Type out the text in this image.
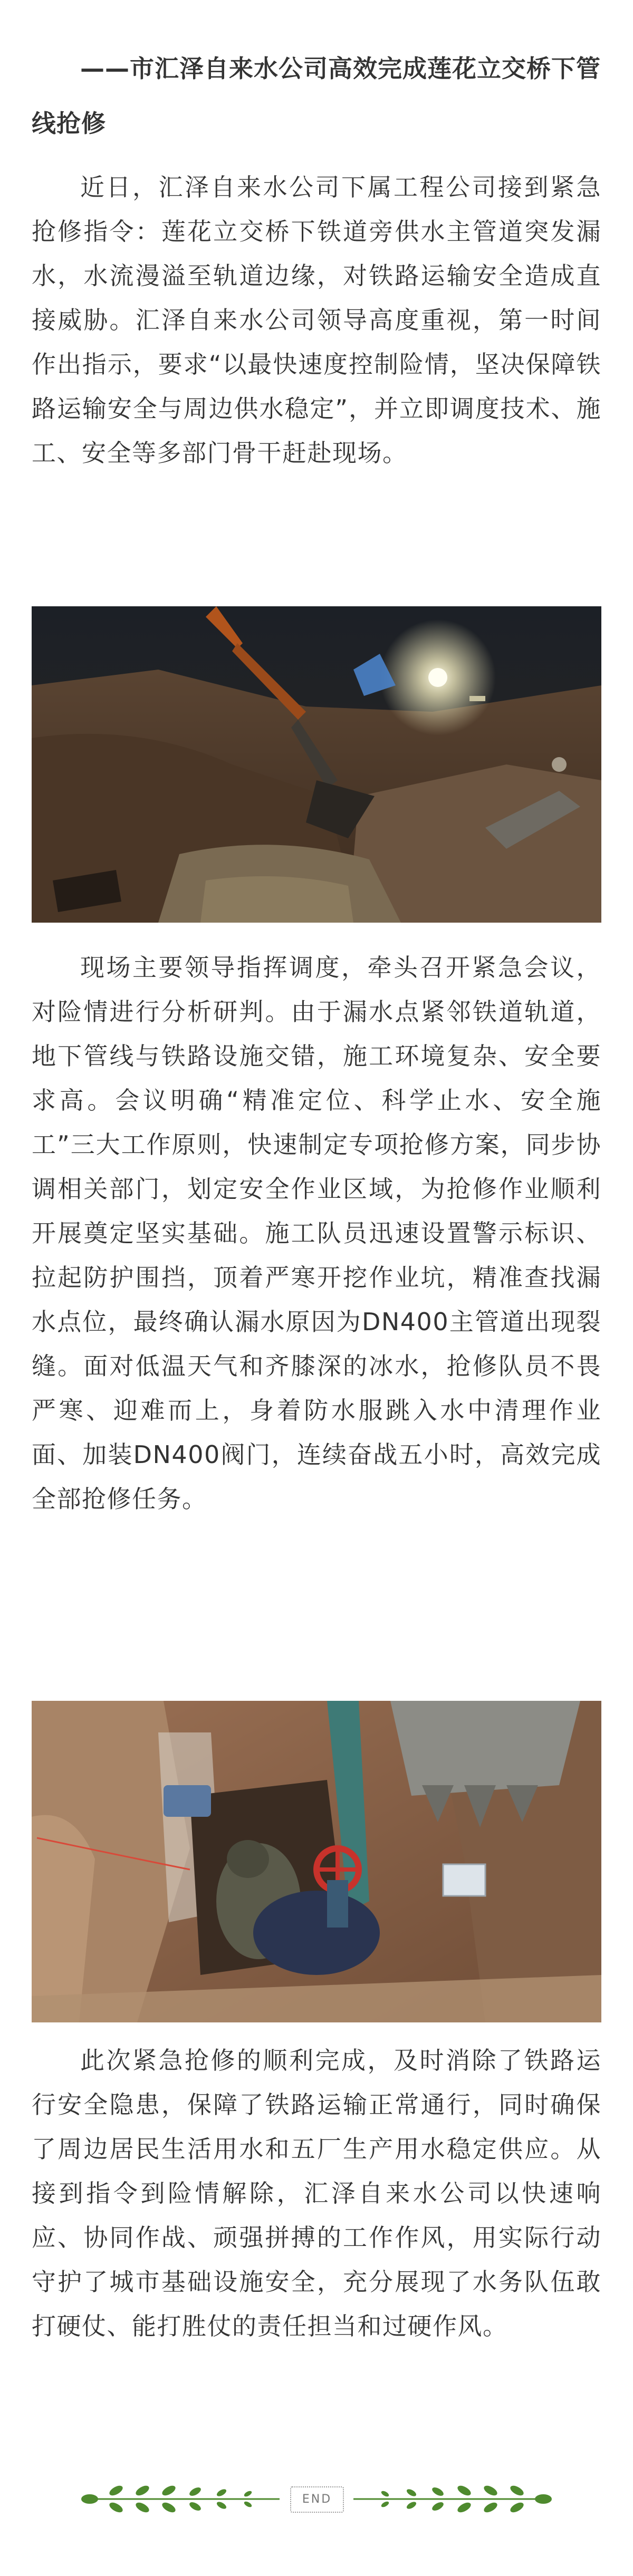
——市汇泽自来水公司高效完成莲花立交桥下管线抢修

近日，汇泽自来水公司下属工程公司接到紧急抢修指令：莲花立交桥下铁道旁供水主管道突发漏水，水流漫溢至轨道边缘，对铁路运输安全造成直接威胁。汇泽自来水公司领导高度重视，第一时间作出指示，要求“以最快速度控制险情，坚决保障铁路运输安全与周边供水稳定”，并立即调度技术、施工、安全等多部门骨干赶赴现场。

现场主要领导指挥调度，牵头召开紧急会议，对险情进行分析研判。由于漏水点紧邻铁道轨道，地下管线与铁路设施交错，施工环境复杂、安全要求高。会议明确“精准定位、科学止水、安全施工”三大工作原则，快速制定专项抢修方案，同步协调相关部门，划定安全作业区域，为抢修作业顺利开展奠定坚实基础。施工队员迅速设置警示标识、拉起防护围挡，顶着严寒开挖作业坑，精准查找漏水点位，最终确认漏水原因为DN400主管道出现裂缝。面对低温天气和齐膝深的冰水，抢修队员不畏严寒、迎难而上，身着防水服跳入水中清理作业面、加装DN400阀门，连续奋战五小时，高效完成全部抢修任务。

此次紧急抢修的顺利完成，及时消除了铁路运行安全隐患，保障了铁路运输正常通行，同时确保了周边居民生活用水和五厂生产用水稳定供应。从接到指令到险情解除，汇泽自来水公司以快速响应、协同作战、顽强拼搏的工作作风，用实际行动守护了城市基础设施安全，充分展现了水务队伍敢打硬仗、能打胜仗的责任担当和过硬作风。

END
